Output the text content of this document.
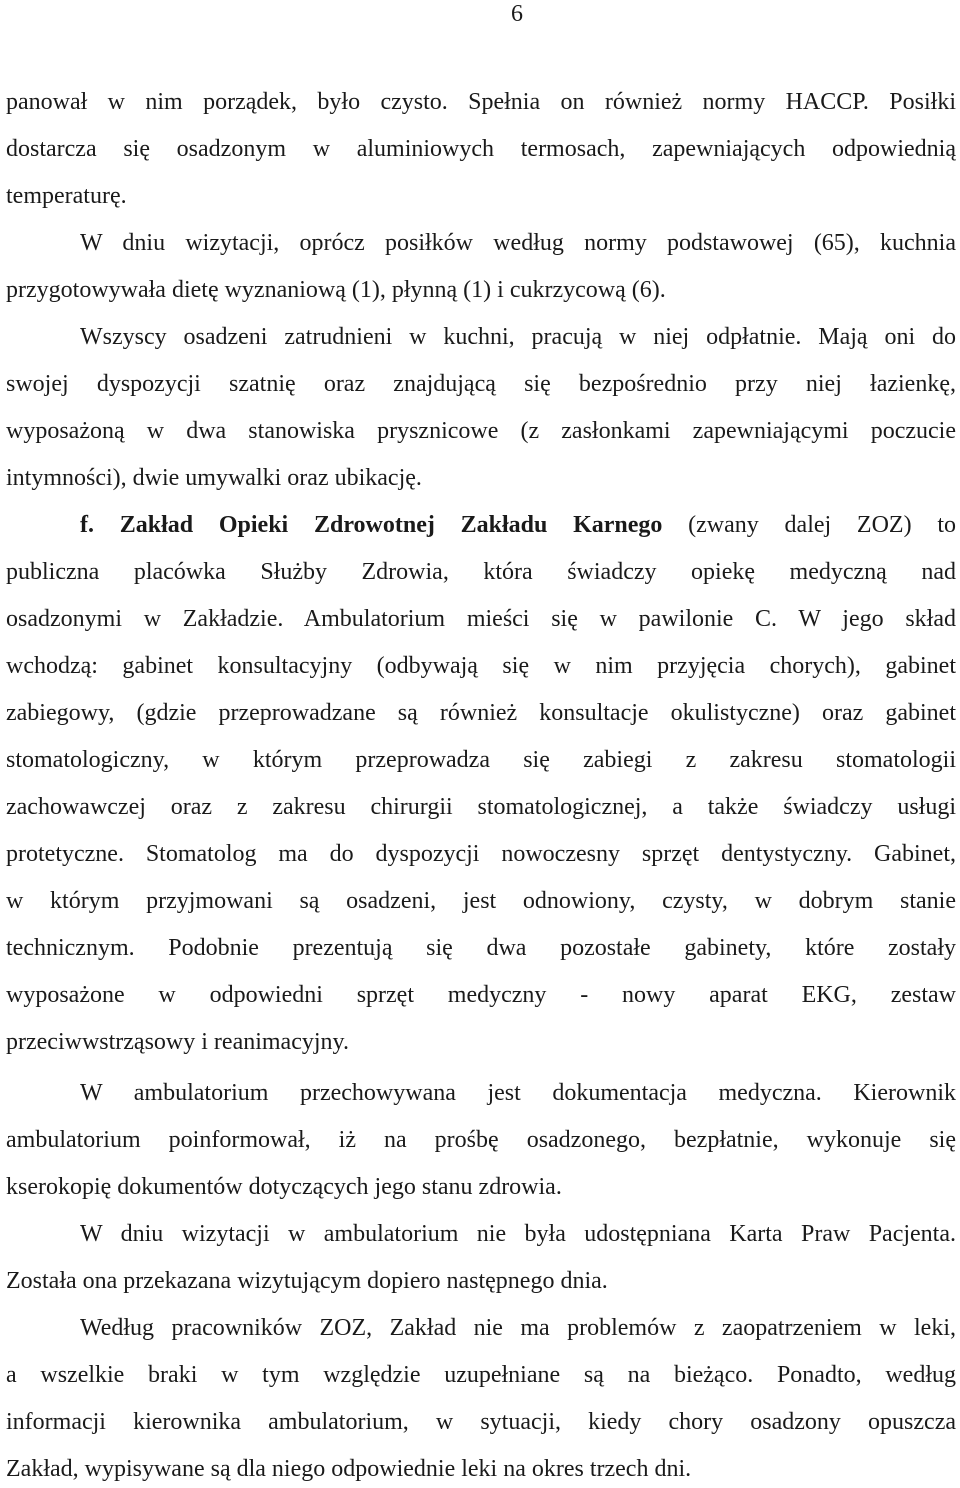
6
panował w nim porządek, było czysto. Spełnia on również normy HACCP. Posiłki
dostarcza się osadzonym w aluminiowych termosach, zapewniających odpowiednią
temperaturę.
W dniu wizytacji, oprócz posiłków według normy podstawowej (65), kuchnia
przygotowywała dietę wyznaniową (1), płynną (1) i cukrzycową (6).
Wszyscy osadzeni zatrudnieni w kuchni, pracują w niej odpłatnie. Mają oni do
swojej dyspozycji szatnię oraz znajdującą się bezpośrednio przy niej łazienkę,
wyposażoną w dwa stanowiska prysznicowe (z zasłonkami zapewniającymi poczucie
intymności), dwie umywalki oraz ubikację.
f. Zakład Opieki Zdrowotnej Zakładu Karnego (zwany dalej ZOZ) to
publiczna placówka Służby Zdrowia, która świadczy opiekę medyczną nad
osadzonymi w Zakładzie. Ambulatorium mieści się w pawilonie C. W jego skład
wchodzą: gabinet konsultacyjny (odbywają się w nim przyjęcia chorych), gabinet
zabiegowy, (gdzie przeprowadzane są również konsultacje okulistyczne) oraz gabinet
stomatologiczny, w którym przeprowadza się zabiegi z zakresu stomatologii
zachowawczej oraz z zakresu chirurgii stomatologicznej, a także świadczy usługi
protetyczne. Stomatolog ma do dyspozycji nowoczesny sprzęt dentystyczny. Gabinet,
w którym przyjmowani są osadzeni, jest odnowiony, czysty, w dobrym stanie
technicznym. Podobnie prezentują się dwa pozostałe gabinety, które zostały
wyposażone w odpowiedni sprzęt medyczny - nowy aparat EKG, zestaw
przeciwwstrząsowy i reanimacyjny.
W ambulatorium przechowywana jest dokumentacja medyczna. Kierownik
ambulatorium poinformował, iż na prośbę osadzonego, bezpłatnie, wykonuje się
kserokopię dokumentów dotyczących jego stanu zdrowia.
W dniu wizytacji w ambulatorium nie była udostępniana Karta Praw Pacjenta.
Została ona przekazana wizytującym dopiero następnego dnia.
Według pracowników ZOZ, Zakład nie ma problemów z zaopatrzeniem w leki,
a wszelkie braki w tym względzie uzupełniane są na bieżąco. Ponadto, według
informacji kierownika ambulatorium, w sytuacji, kiedy chory osadzony opuszcza
Zakład, wypisywane są dla niego odpowiednie leki na okres trzech dni.
